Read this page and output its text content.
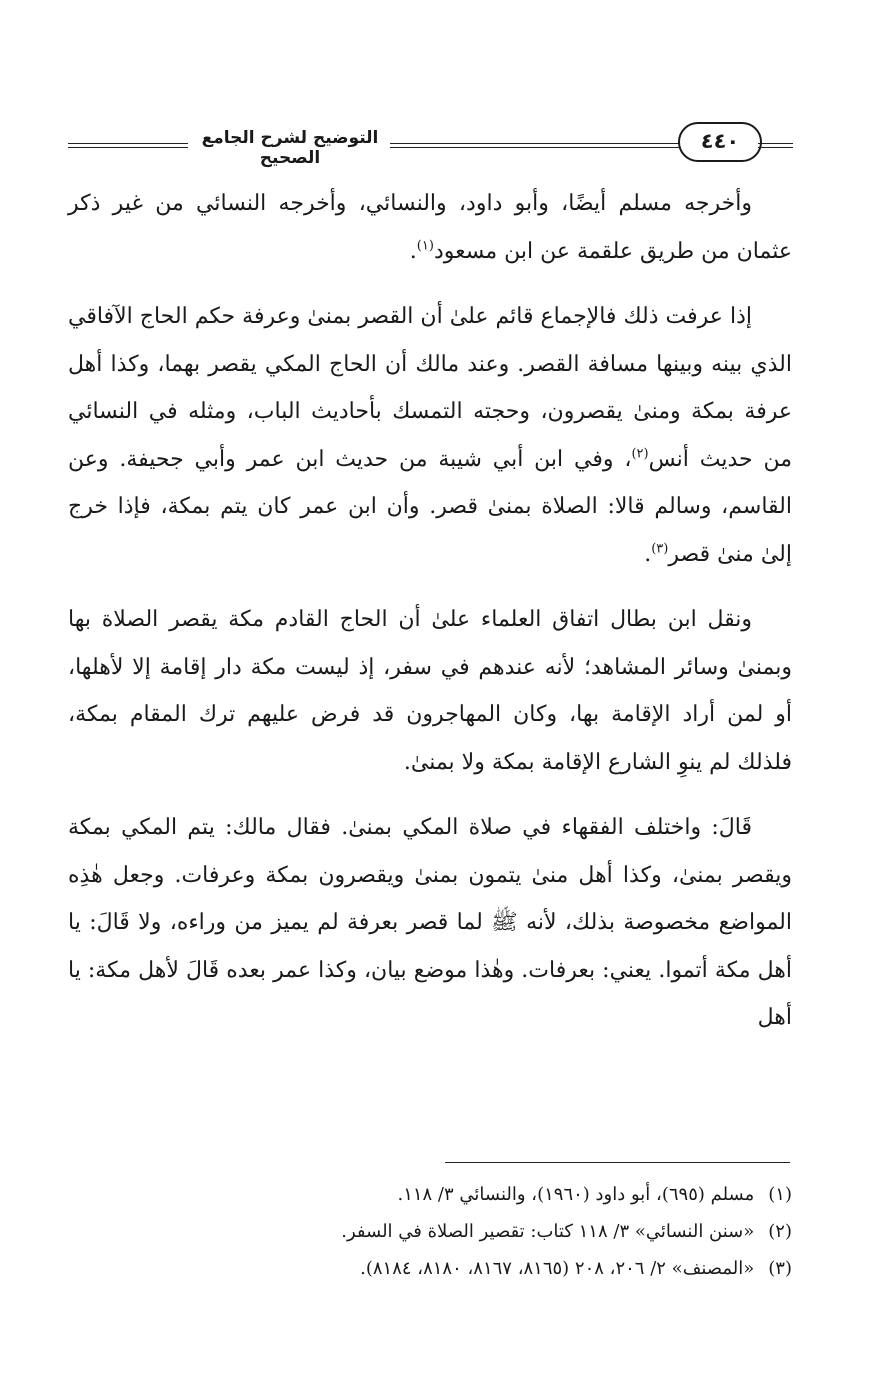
التوضيح لشرح الجامع الصحيح
٤٤٠

وأخرجه مسلم أيضًا، وأبو داود، والنسائي، وأخرجه النسائي من غير ذكر عثمان من طريق علقمة عن ابن مسعود$^{(١)}$.

إذا عرفت ذلك فالإجماع قائم علىٰ أن القصر بمنىٰ وعرفة حكم الحاج الآفاقي الذي بينه وبينها مسافة القصر. وعند مالك أن الحاج المكي يقصر بهما، وكذا أهل عرفة بمكة ومنىٰ يقصرون، وحجته التمسك بأحاديث الباب، ومثله في النسائي من حديث أنس$^{(٢)}$، وفي ابن أبي شيبة من حديث ابن عمر وأبي جحيفة. وعن القاسم، وسالم قالا: الصلاة بمنىٰ قصر. وأن ابن عمر كان يتم بمكة، فإذا خرج إلىٰ منىٰ قصر$^{(٣)}$.

ونقل ابن بطال اتفاق العلماء علىٰ أن الحاج القادم مكة يقصر الصلاة بها وبمنىٰ وسائر المشاهد؛ لأنه عندهم في سفر، إذ ليست مكة دار إقامة إلا لأهلها، أو لمن أراد الإقامة بها، وكان المهاجرون قد فرض عليهم ترك المقام بمكة، فلذلك لم ينوِ الشارع الإقامة بمكة ولا بمنىٰ.

قَالَ: واختلف الفقهاء في صلاة المكي بمنىٰ. فقال مالك: يتم المكي بمكة ويقصر بمنىٰ، وكذا أهل منىٰ يتمون بمنىٰ ويقصرون بمكة وعرفات. وجعل هٰذِه المواضع مخصوصة بذلك، لأنه ﷺ لما قصر بعرفة لم يميز من وراءه، ولا قَالَ: يا أهل مكة أتموا. يعني: بعرفات. وهٰذا موضع بيان، وكذا عمر بعده قَالَ لأهل مكة: يا أهل

(١)مسلم (٦٩٥)، أبو داود (١٩٦٠)، والنسائي ٣/ ١١٨.
(٢)«سنن النسائي» ٣/ ١١٨ كتاب: تقصير الصلاة في السفر.
(٣)«المصنف» ٢/ ٢٠٦، ٢٠٨ (٨١٦٥، ٨١٦٧، ٨١٨٠، ٨١٨٤).
